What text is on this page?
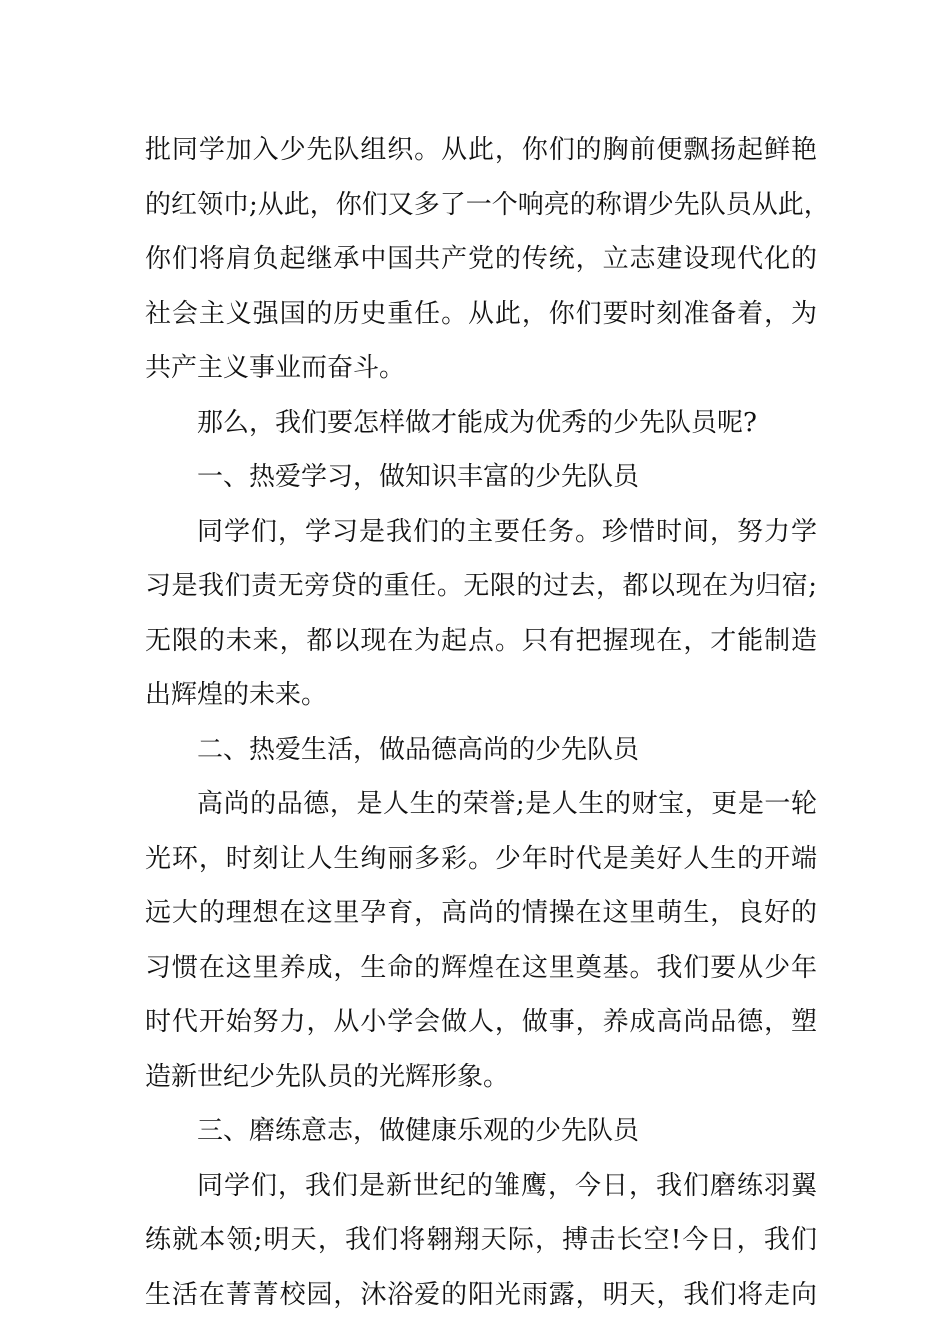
批同学加入少先队组织。从此，你们的胸前便飘扬起鲜艳
的红领巾;从此，你们又多了一个响亮的称谓少先队员从此，
你们将肩负起继承中国共产党的传统，立志建设现代化的
社会主义强国的历史重任。从此，你们要时刻准备着，为
共产主义事业而奋斗。

那么，我们要怎样做才能成为优秀的少先队员呢?

一、热爱学习，做知识丰富的少先队员

同学们，学习是我们的主要任务。珍惜时间，努力学
习是我们责无旁贷的重任。无限的过去，都以现在为归宿;
无限的未来，都以现在为起点。只有把握现在，才能制造
出辉煌的未来。

二、热爱生活，做品德高尚的少先队员

高尚的品德，是人生的荣誉;是人生的财宝，更是一轮
光环，时刻让人生绚丽多彩。少年时代是美好人生的开端
远大的理想在这里孕育，高尚的情操在这里萌生，良好的
习惯在这里养成，生命的辉煌在这里奠基。我们要从少年
时代开始努力，从小学会做人，做事，养成高尚品德，塑
造新世纪少先队员的光辉形象。

三、磨练意志，做健康乐观的少先队员

同学们，我们是新世纪的雏鹰，今日，我们磨练羽翼
练就本领;明天，我们将翱翔天际，搏击长空!今日，我们
生活在菁菁校园，沐浴爱的阳光雨露，明天，我们将走向
